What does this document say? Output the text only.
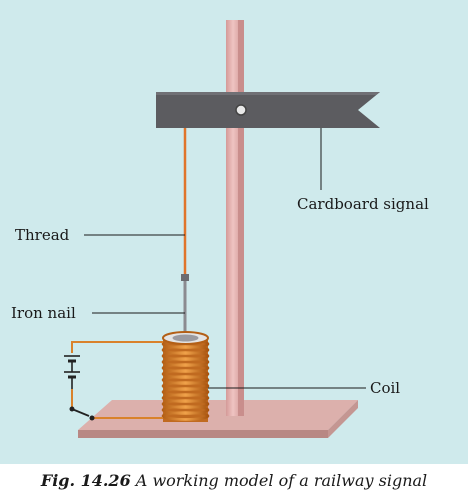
Cardboard signal
Thread
Iron nail
Coil
Fig. 14.26 A working model of a railway signal
